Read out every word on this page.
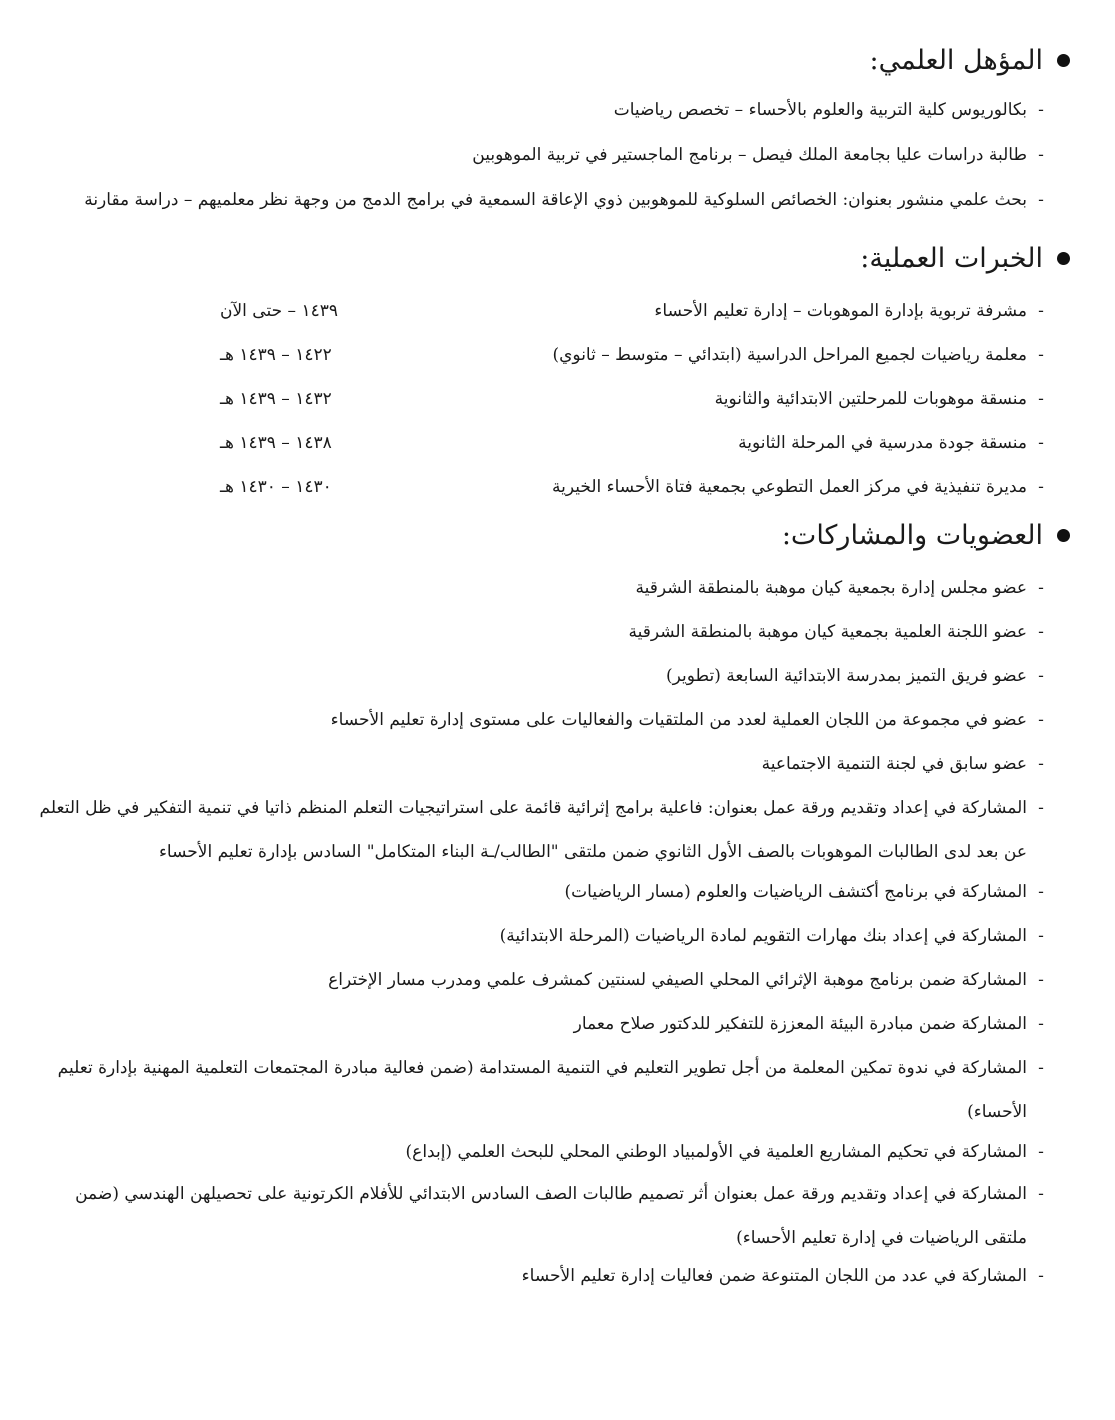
المؤهل العلمي:
-
بكالوريوس كلية التربية والعلوم بالأحساء – تخصص رياضيات
-
طالبة دراسات عليا بجامعة الملك فيصل – برنامج الماجستير في تربية الموهوبين
-
بحث علمي منشور بعنوان: الخصائص السلوكية للموهوبين ذوي الإعاقة السمعية في برامج الدمج من وجهة نظر معلميهم – دراسة مقارنة
الخبرات العملية:
-
مشرفة تربوية بإدارة الموهوبات – إدارة تعليم الأحساء
١٤٣٩ – حتى الآن
-
معلمة رياضيات لجميع المراحل الدراسية (ابتدائي – متوسط – ثانوي)
١٤٢٢ – ١٤٣٩ هـ
-
منسقة موهوبات للمرحلتين الابتدائية والثانوية
١٤٣٢ – ١٤٣٩ هـ
-
منسقة جودة مدرسية في المرحلة الثانوية
١٤٣٨ – ١٤٣٩ هـ
-
مديرة تنفيذية في مركز العمل التطوعي بجمعية فتاة الأحساء الخيرية
١٤٣٠ – ١٤٣٠ هـ
العضويات والمشاركات:
-
عضو مجلس إدارة بجمعية كيان موهبة بالمنطقة الشرقية
-
عضو اللجنة العلمية بجمعية كيان موهبة بالمنطقة الشرقية
-
عضو فريق التميز بمدرسة الابتدائية السابعة (تطوير)
-
عضو في مجموعة من اللجان العملية لعدد من الملتقيات والفعاليات على مستوى إدارة تعليم الأحساء
-
عضو سابق في لجنة التنمية الاجتماعية
-
المشاركة في إعداد وتقديم ورقة عمل بعنوان: فاعلية برامج إثرائية قائمة على استراتيجيات التعلم المنظم ذاتيا في تنمية التفكير في ظل التعلم عن بعد لدى الطالبات الموهوبات بالصف الأول الثانوي ضمن ملتقى "الطالب/ـة البناء المتكامل" السادس بإدارة تعليم الأحساء
-
المشاركة في برنامج أكتشف الرياضيات والعلوم (مسار الرياضيات)
-
المشاركة في إعداد بنك مهارات التقويم لمادة الرياضيات (المرحلة الابتدائية)
-
المشاركة ضمن برنامج موهبة الإثرائي المحلي الصيفي لسنتين كمشرف علمي ومدرب مسار الإختراع
-
المشاركة ضمن مبادرة البيئة المعززة للتفكير للدكتور صلاح معمار
-
المشاركة في ندوة تمكين المعلمة من أجل تطوير التعليم في التنمية المستدامة (ضمن فعالية مبادرة المجتمعات التعلمية المهنية بإدارة تعليم الأحساء)
-
المشاركة في تحكيم المشاريع العلمية في الأولمبياد الوطني المحلي للبحث العلمي (إبداع)
-
المشاركة في إعداد وتقديم ورقة عمل بعنوان أثر تصميم طالبات الصف السادس الابتدائي للأفلام الكرتونية على تحصيلهن الهندسي (ضمن ملتقى الرياضيات في إدارة تعليم الأحساء)
-
المشاركة في عدد من اللجان المتنوعة ضمن فعاليات إدارة تعليم الأحساء
